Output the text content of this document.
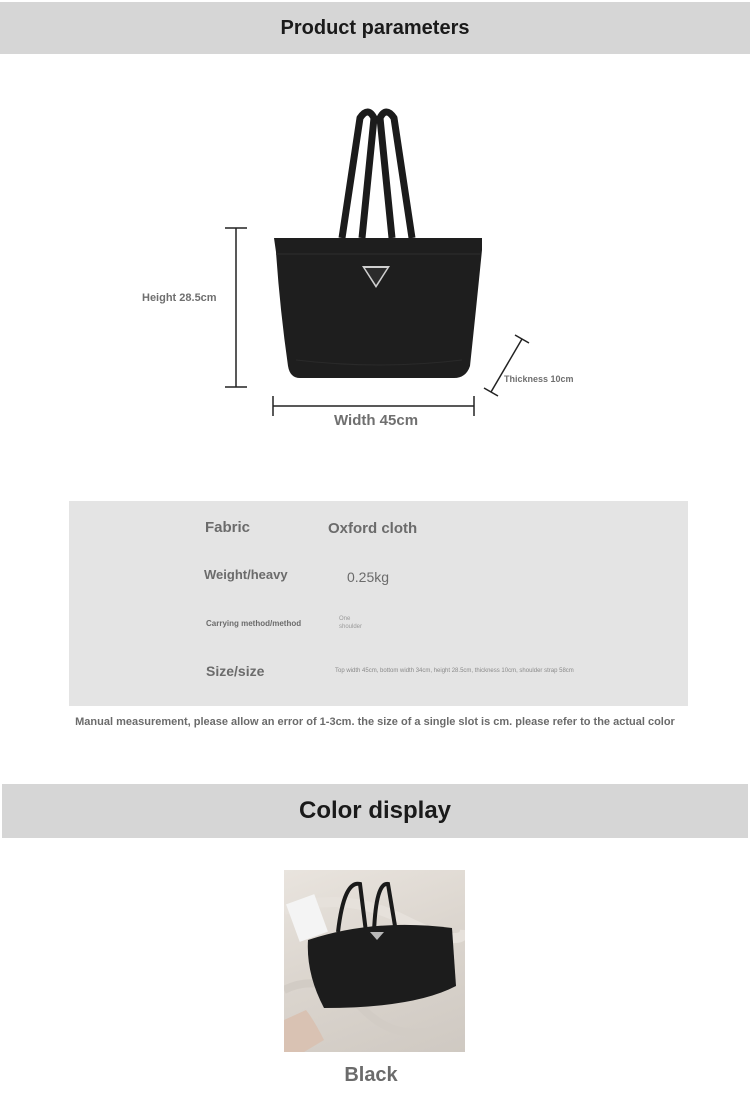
Product parameters
Height 28.5cm
Thickness 10cm
Width 45cm
Fabric	Oxford cloth
Weight/heavy	0.25kg
Carrying method/method	One shoulder
Size/size	Top width 45cm, bottom width 34cm, height 28.5cm, thickness 10cm, shoulder strap 58cm
Manual measurement, please allow an error of 1-3cm. the size of a single slot is cm. please refer to the actual color
Color display
Black
